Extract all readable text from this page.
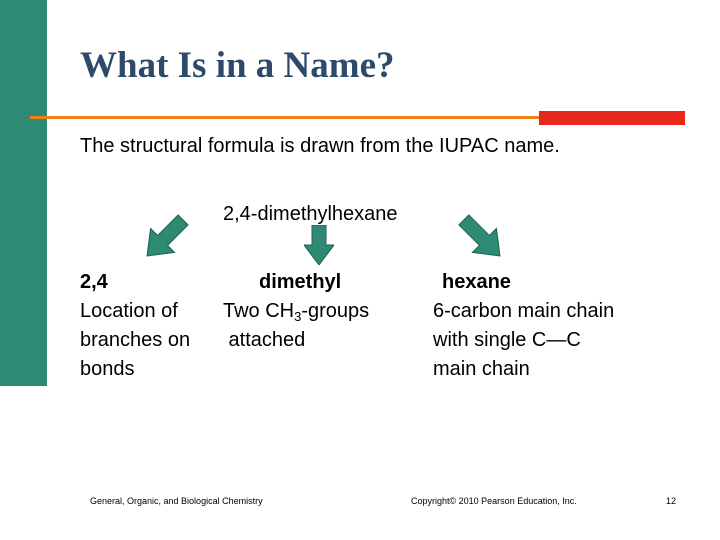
What Is in a Name?
The structural formula is drawn from the IUPAC name.
2,4-dimethylhexane
2,4
Location of
branches on
bonds
dimethyl
Two $CH_3$-groups
attached
hexane
6-carbon main chain
with single C—C
main chain
General, Organic, and Biological Chemistry	Copyright© 2010 Pearson Education, Inc.	12
